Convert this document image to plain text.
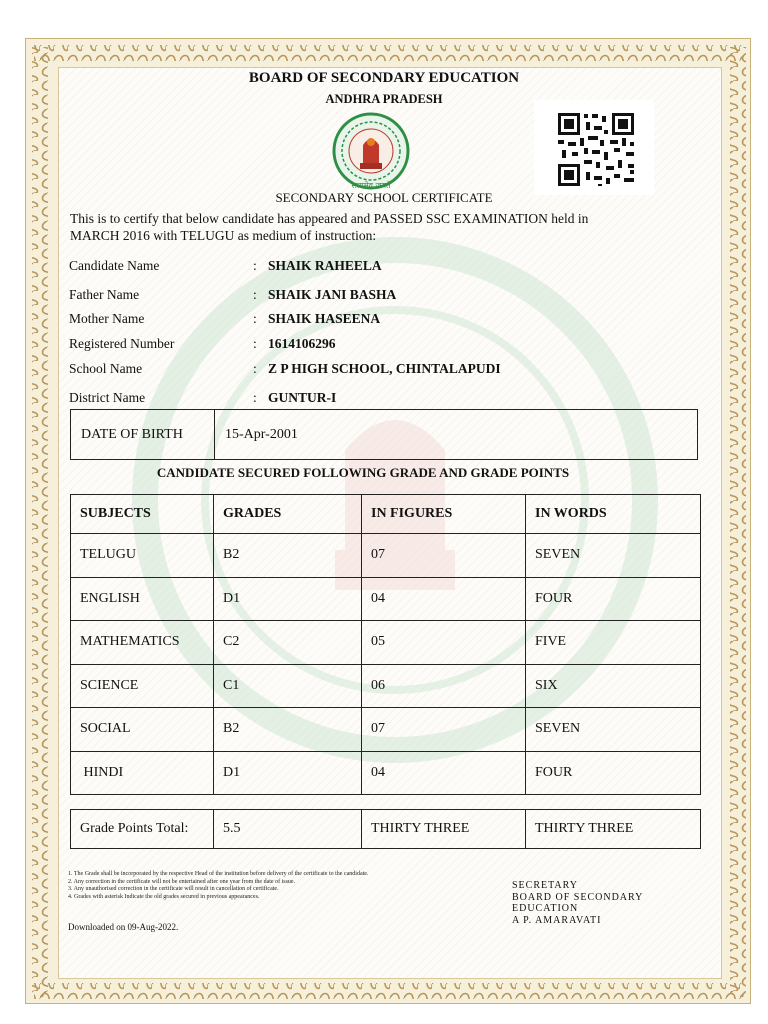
BOARD OF SECONDARY EDUCATION
ANDHRA PRADESH
सत्यमेव जयते
SECONDARY SCHOOL CERTIFICATE
This is to certify that below candidate has appeared and PASSED SSC EXAMINATION held in
MARCH 2016 with TELUGU as medium of instruction:
Candidate Name	: SHAIK RAHEELA
Father Name	: SHAIK JANI BASHA
Mother Name	: SHAIK HASEENA
Registered Number	: 1614106296
School Name	: Z P HIGH SCHOOL, CHINTALAPUDI
District Name	: GUNTUR-I
DATE OF BIRTH	15-Apr-2001
CANDIDATE SECURED FOLLOWING GRADE AND GRADE POINTS
SUBJECTS	GRADES	IN FIGURES	IN WORDS
TELUGU	B2	07	SEVEN
ENGLISH	D1	04	FOUR
MATHEMATICS	C2	05	FIVE
SCIENCE	C1	06	SIX
SOCIAL	B2	07	SEVEN
HINDI	D1	04	FOUR
Grade Points Total:	5.5	THIRTY THREE	THIRTY THREE
1. The Grade shall be incorporated by the respective Head of the institution before delivery of the certificate to the candidate.
2. Any correction in the certificate will not be entertained after one year from the date of issue.
3. Any unauthorised correction in the certificate will result in cancellation of certificate.
4. Grades with asterisk Indicate the old grades secured in previous appearances.
Downloaded on 09-Aug-2022.
SECRETARY
BOARD OF SECONDARY
EDUCATION
A P. AMARAVATI
